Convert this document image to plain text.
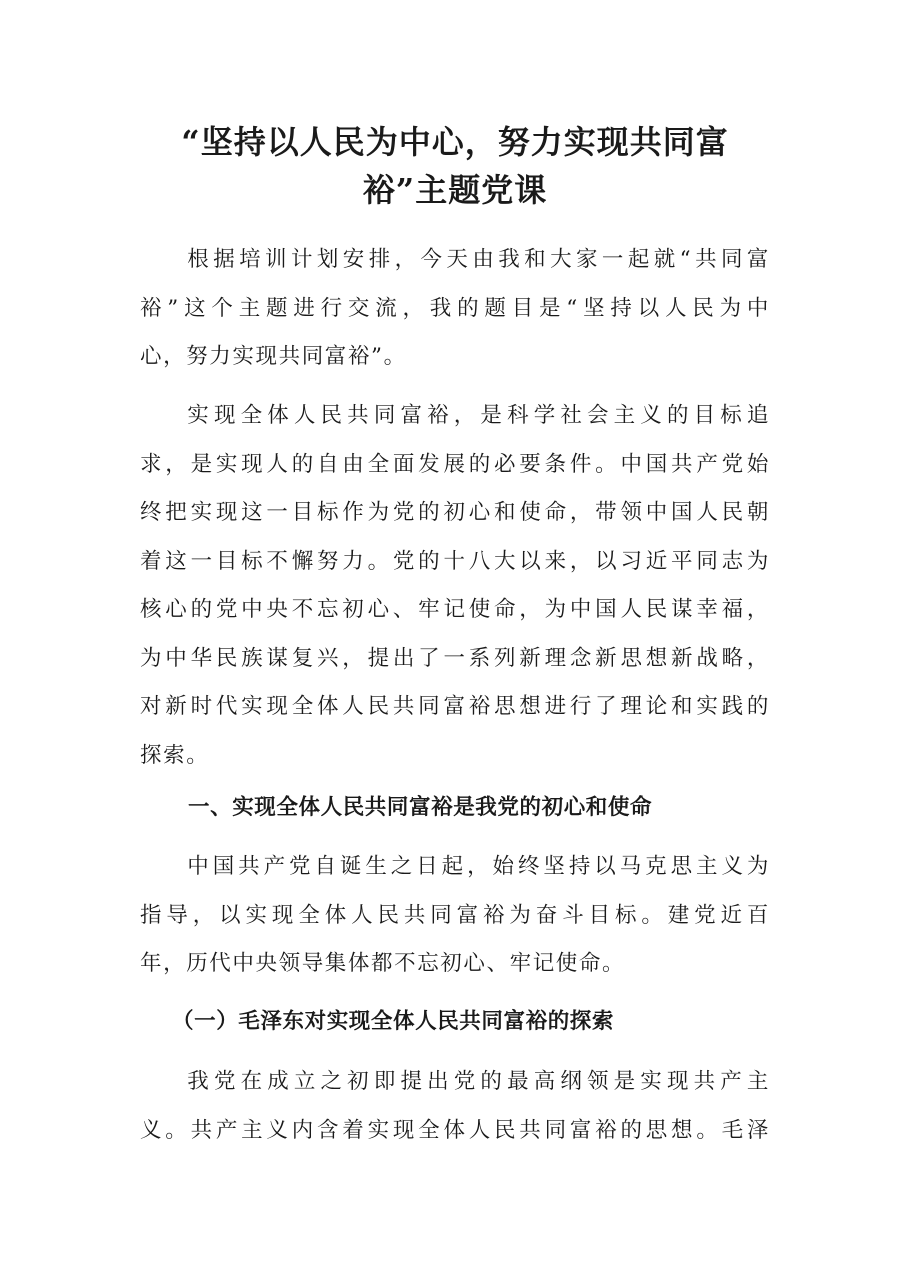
“坚持以人民为中心，努力实现共同富
裕”主题党课

根据培训计划安排，今天由我和大家一起就“共同富
裕”这个主题进行交流，我的题目是“坚持以人民为中
心，努力实现共同富裕”。

实现全体人民共同富裕，是科学社会主义的目标追
求，是实现人的自由全面发展的必要条件。中国共产党始
终把实现这一目标作为党的初心和使命，带领中国人民朝
着这一目标不懈努力。党的十八大以来，以习近平同志为
核心的党中央不忘初心、牢记使命，为中国人民谋幸福，
为中华民族谋复兴，提出了一系列新理念新思想新战略，
对新时代实现全体人民共同富裕思想进行了理论和实践的
探索。

一、实现全体人民共同富裕是我党的初心和使命

中国共产党自诞生之日起，始终坚持以马克思主义为
指导，以实现全体人民共同富裕为奋斗目标。建党近百
年，历代中央领导集体都不忘初心、牢记使命。

（一）毛泽东对实现全体人民共同富裕的探索

我党在成立之初即提出党的最高纲领是实现共产主
义。共产主义内含着实现全体人民共同富裕的思想。毛泽
